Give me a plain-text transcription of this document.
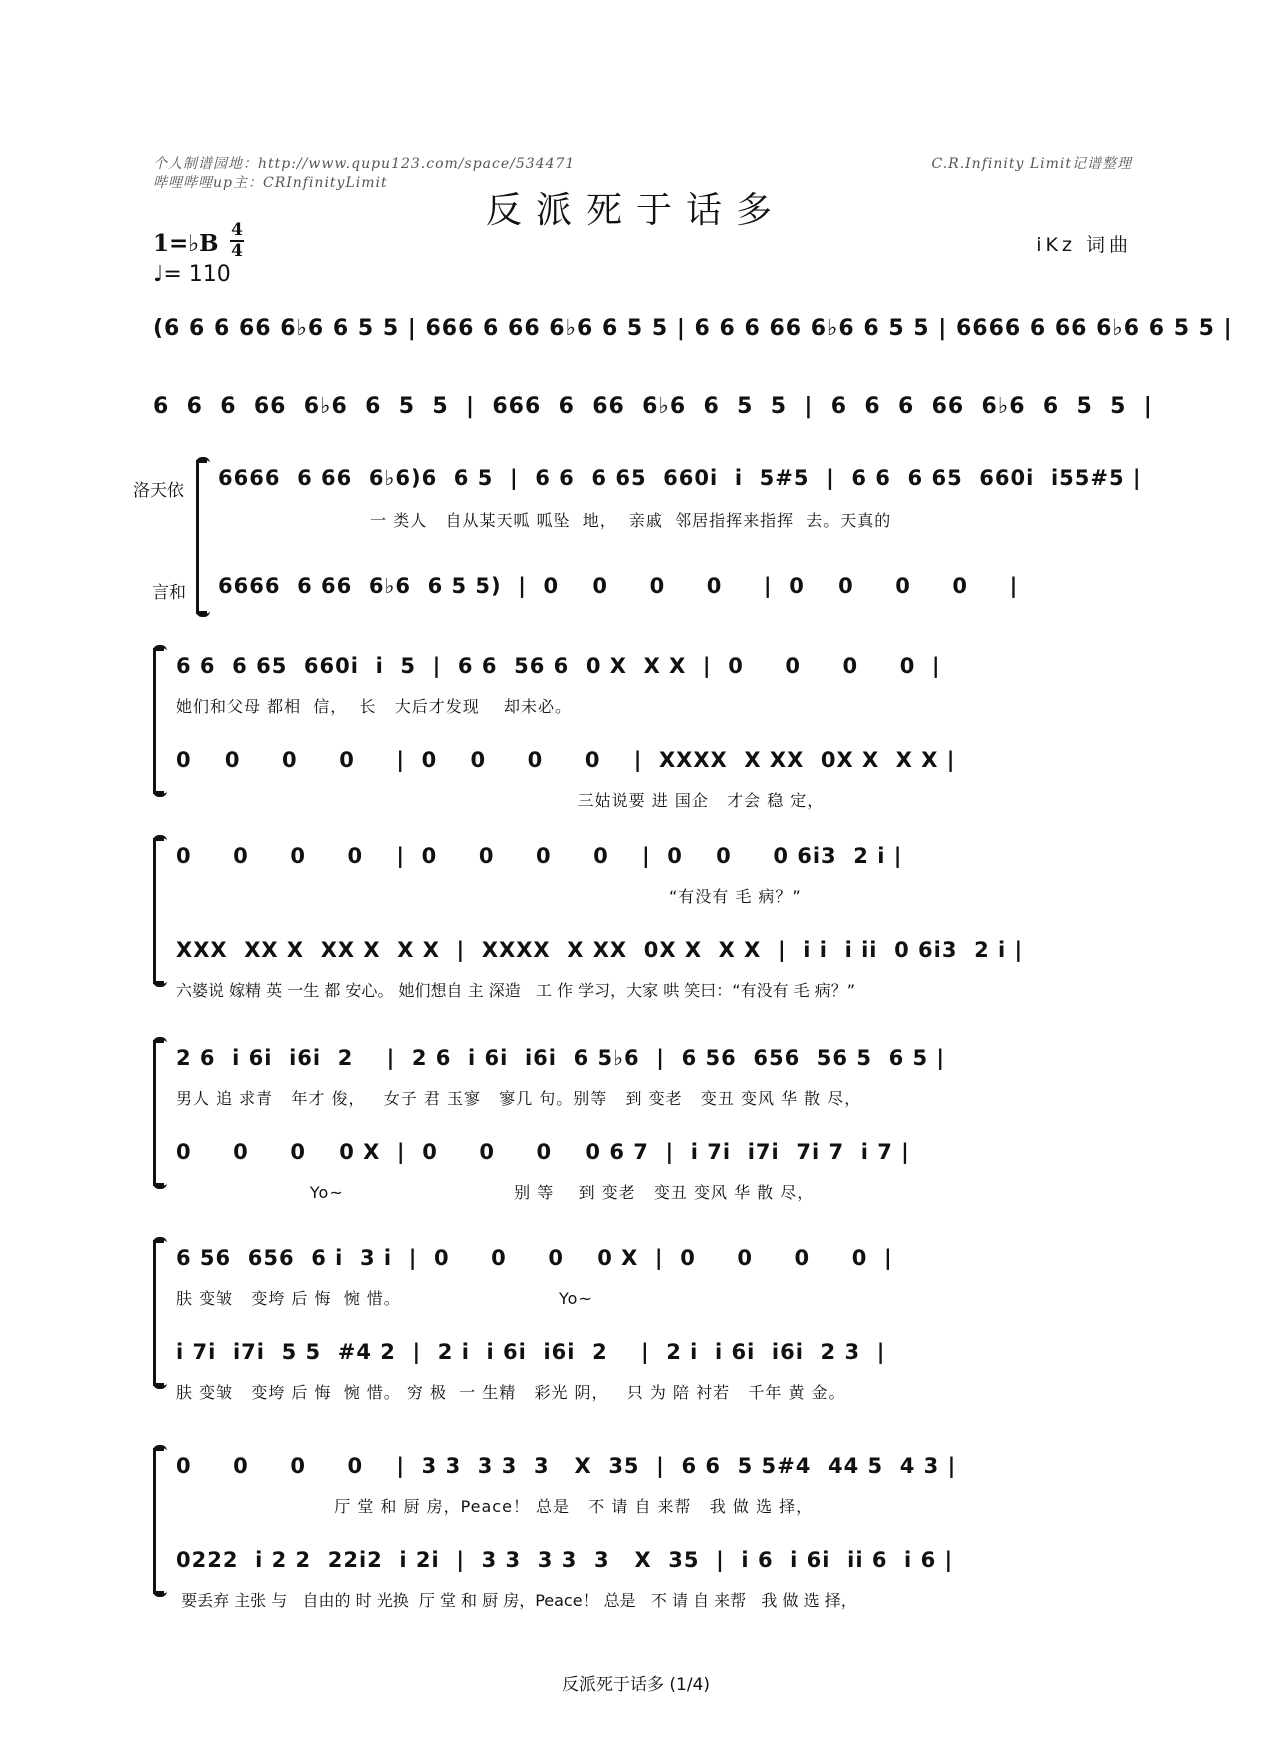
个人制谱园地：http://www.qupu123.com/space/534471
哔哩哔哩up主：CRInfinityLimit
C.R.Infinity Limit记谱整理
反派死于话多
1=♭B 4
4
♩= 110
iKz 词曲
(6 6 6 66 6♭6 6 5 5 | 666 6 66 6♭6 6 5 5 | 6 6 6 66 6♭6 6 5 5 | 6666 6 66 6♭6 6 5 5 |
6  6  6  66  6♭6  6  5  5  |  666  6  66  6♭6  6  5  5  |  6  6  6  66  6♭6  6  5  5  |
洛天依
言和
6666  6 66  6♭6)6  6 5  |  6 6  6 65  660i  i  5#5  |  6 6  6 65  660i  i55#5 |
一 类人   自从某天呱 呱坠  地，  亲戚  邻居指挥来指挥  去。天真的
6666  6 66  6♭6  6 5 5)  |  0    0     0     0     |  0    0     0     0     |
6 6  6 65  660i  i  5  |  6 6  56 6  0 X  X X  |  0     0     0     0  |
她们和父母 都相  信，  长   大后才发现    却未必。
0    0     0     0     |  0    0     0     0    |  XXXX  X XX  0X X  X X |
三姑说要 进 国企   才会 稳 定，
0     0     0     0    |  0     0     0     0    |  0    0     0 6i3  2 i |
“有没有 毛 病？”
XXX  XX X  XX X  X X  |  XXXX  X XX  0X X  X X  |  i i  i ii  0 6i3  2 i |
六婆说 嫁精 英 一生 都 安心。 她们想自 主 深造   工 作 学习，大家 哄 笑曰：“有没有 毛 病？”
2 6  i 6i  i6i  2    |  2 6  i 6i  i6i  6 5♭6  |  6 56  656  56 5  6 5 |
男人 追 求青   年才 俊，   女子 君 玉寥   寥几 句。别等   到 变老   变丑 变风 华 散 尽，
0     0     0    0 X  |  0     0     0    0 6 7  |  i 7i  i7i  7i 7  i 7 |
Yo~                            别 等    到 变老   变丑 变风 华 散 尽，
6 56  656  6 i  3 i  |  0     0     0    0 X  |  0     0     0     0  |
肤 变皱   变垮 后 悔  惋 惜。                          Yo~
i 7i  i7i  5 5  #4 2  |  2 i  i 6i  i6i  2    |  2 i  i 6i  i6i  2 3  |
肤 变皱   变垮 后 悔  惋 惜。 穷 极  一 生精   彩光 阴，   只 为 陪 衬若   千年 黄 金。
0     0     0     0    |  3 3  3 3  3   X  35  |  6 6  5 5#4  44 5  4 3 |
厅 堂 和 厨 房，Peace！ 总是   不 请 自 来帮   我 做 选 择，
0222  i 2 2  22i2  i 2i  |  3 3  3 3  3   X  35  |  i 6  i 6i  ii 6  i 6 |
要丢弃 主张 与   自由的 时 光换  厅 堂 和 厨 房，Peace！ 总是   不 请 自 来帮   我 做 选 择，
反派死于话多 (1/4)
